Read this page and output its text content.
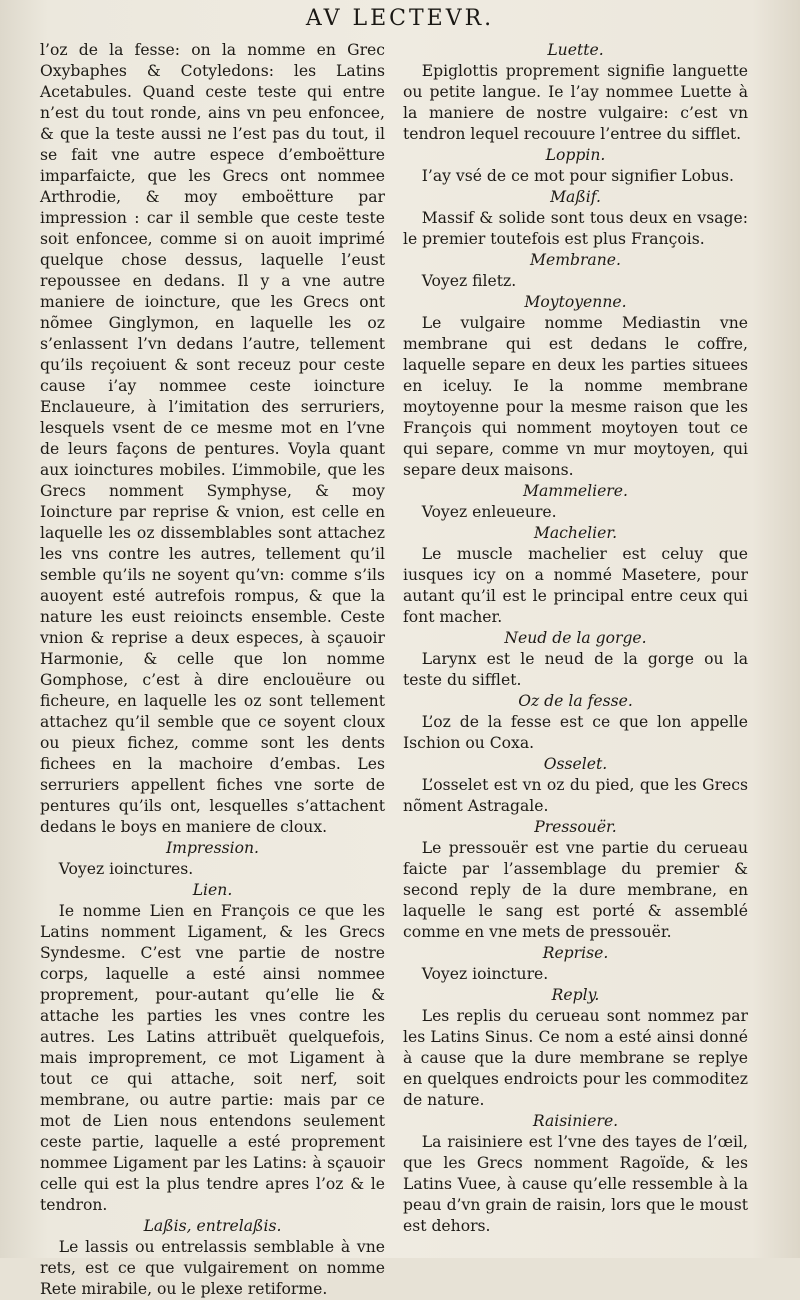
AV LECTEVR.

l’oz de la fesse: on la nomme en Grec Oxybaphes & Cotyledons: les Latins Acetabules. Quand ceste teste qui entre n’est du tout ronde, ains vn peu enfoncee, & que la teste aussi ne l’est pas du tout, il se fait vne autre espece d’emboëtture imparfaicte, que les Grecs ont nommee Arthrodie, & moy emboëtture par impression : car il semble que ceste teste soit enfoncee, comme si on auoit imprimé quelque chose dessus, laquelle l’eust repoussee en dedans. Il y a vne autre maniere de ioincture, que les Grecs ont nõmee Ginglymon, en laquelle les oz s’enlassent l’vn dedans l’autre, tellement qu’ils reçoiuent & sont receuz pour ceste cause i’ay nommee ceste ioincture Enclaueure, à l’imitation des serruriers, lesquels vsent de ce mesme mot en l’vne de leurs façons de pentures. Voyla quant aux ioinctures mobiles. L’immobile, que les Grecs nomment Symphyse, & moy Ioincture par reprise & vnion, est celle en laquelle les oz dissemblables sont attachez les vns contre les autres, tellement qu’il semble qu’ils ne soyent qu’vn: comme s’ils auoyent esté autrefois rompus, & que la nature les eust reioincts ensemble. Ceste vnion & reprise a deux especes, à sçauoir Harmonie, & celle que lon nomme Gomphose, c’est à dire enclouëure ou ficheure, en laquelle les oz sont tellement attachez qu’il semble que ce soyent cloux ou pieux fichez, comme sont les dents fichees en la machoire d’embas. Les serruriers appellent fiches vne sorte de pentures qu’ils ont, lesquelles s’attachent dedans le boys en maniere de cloux.

Impression.

Voyez ioinctures.

Lien.

Ie nomme Lien en François ce que les Latins nomment Ligament, & les Grecs Syndesme. C’est vne partie de nostre corps, laquelle a esté ainsi nommee proprement, pour-autant qu’elle lie & attache les parties les vnes contre les autres. Les Latins attribuët quelquefois, mais improprement, ce mot Ligament à tout ce qui attache, soit nerf, soit membrane, ou autre partie: mais par ce mot de Lien nous entendons seulement ceste partie, laquelle a esté proprement nommee Ligament par les Latins: à sçauoir celle qui est la plus tendre apres l’oz & le tendron.

Laßis, entrelaßis.

Le lassis ou entrelassis semblable à vne rets, est ce que vulgairement on nomme Rete mirabile, ou le plexe retiforme.

Luette.

Epiglottis proprement signifie languette ou petite langue. Ie l’ay nommee Luette à la maniere de nostre vulgaire: c’est vn tendron lequel recouure l’entree du sifflet.

Loppin.

I’ay vsé de ce mot pour signifier Lobus.

Maßif.

Massif & solide sont tous deux en vsage: le premier toutefois est plus François.

Membrane.

Voyez filetz.

Moytoyenne.

Le vulgaire nomme Mediastin vne membrane qui est dedans le coffre, laquelle separe en deux les parties situees en iceluy. Ie la nomme membrane moytoyenne pour la mesme raison que les François qui nomment moytoyen tout ce qui separe, comme vn mur moytoyen, qui separe deux maisons.

Mammeliere.

Voyez enleueure.

Machelier.

Le muscle machelier est celuy que iusques icy on a nommé Masetere, pour autant qu’il est le principal entre ceux qui font macher.

Neud de la gorge.

Larynx est le neud de la gorge ou la teste du sifflet.

Oz de la fesse.

L’oz de la fesse est ce que lon appelle Ischion ou Coxa.

Osselet.

L’osselet est vn oz du pied, que les Grecs nõment Astragale.

Pressouër.

Le pressouër est vne partie du cerueau faicte par l’assemblage du premier & second reply de la dure membrane, en laquelle le sang est porté & assemblé comme en vne mets de pressouër.

Reprise.

Voyez ioincture.

Reply.

Les replis du cerueau sont nommez par les Latins Sinus. Ce nom a esté ainsi donné à cause que la dure membrane se replye en quelques endroicts pour les commoditez de nature.

Raisiniere.

La raisiniere est l’vne des tayes de l’œil, que les Grecs nomment Ragoïde, & les Latins Vuee, à cause qu’elle ressemble à la peau d’vn grain de raisin, lors que le moust est dehors.
